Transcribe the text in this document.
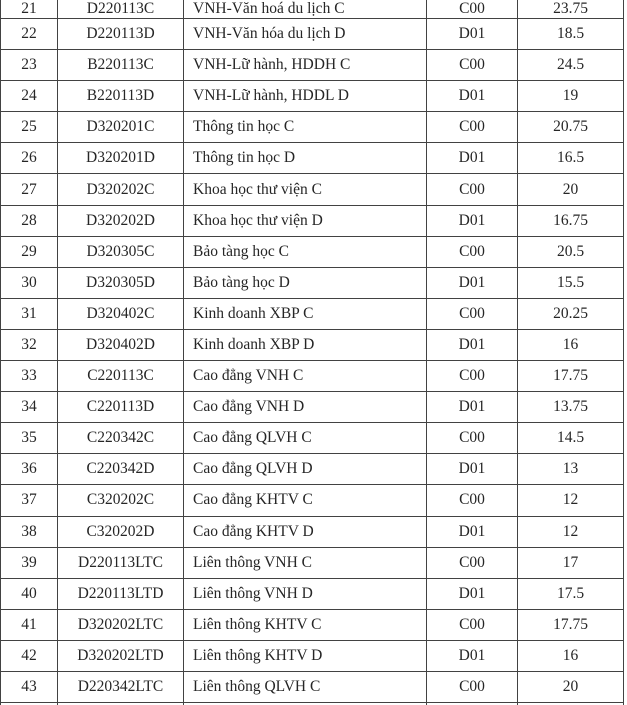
21	D220113C	VNH-Văn hoá du lịch C	C00	23.75
22	D220113D	VNH-Văn hóa du lịch D	D01	18.5
23	B220113C	VNH-Lữ hành, HDDH C	C00	24.5
24	B220113D	VNH-Lữ hành, HDDL D	D01	19
25	D320201C	Thông tin học C	C00	20.75
26	D320201D	Thông tin học D	D01	16.5
27	D320202C	Khoa học thư viện C	C00	20
28	D320202D	Khoa học thư viện D	D01	16.75
29	D320305C	Bảo tàng học C	C00	20.5
30	D320305D	Bảo tàng học D	D01	15.5
31	D320402C	Kinh doanh XBP C	C00	20.25
32	D320402D	Kinh doanh XBP D	D01	16
33	C220113C	Cao đẳng VNH C	C00	17.75
34	C220113D	Cao đẳng VNH D	D01	13.75
35	C220342C	Cao đẳng QLVH C	C00	14.5
36	C220342D	Cao đẳng QLVH D	D01	13
37	C320202C	Cao đẳng KHTV C	C00	12
38	C320202D	Cao đẳng KHTV D	D01	12
39	D220113LTC	Liên thông VNH C	C00	17
40	D220113LTD	Liên thông VNH D	D01	17.5
41	D320202LTC	Liên thông KHTV C	C00	17.75
42	D320202LTD	Liên thông KHTV D	D01	16
43	D220342LTC	Liên thông QLVH C	C00	20
